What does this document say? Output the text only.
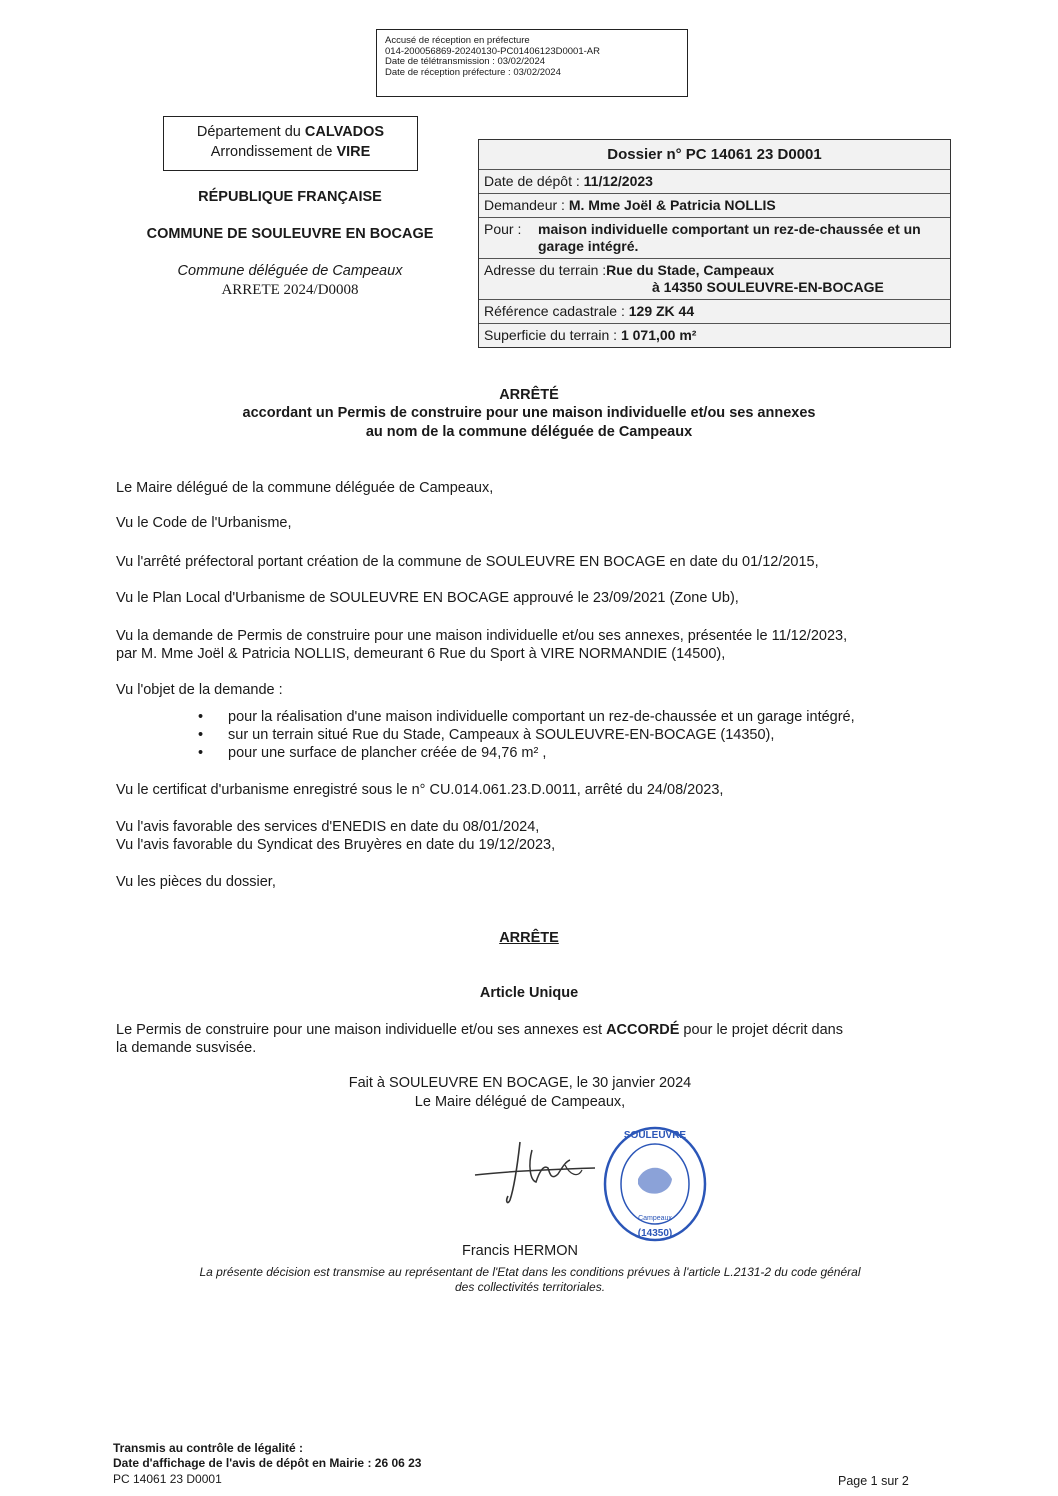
Accusé de réception en préfecture
014-200056869-20240130-PC01406123D0001-AR
Date de télétransmission : 03/02/2024
Date de réception préfecture : 03/02/2024
Département du CALVADOS
Arrondissement de VIRE
RÉPUBLIQUE FRANÇAISE
COMMUNE DE SOULEUVRE EN BOCAGE
Commune déléguée de Campeaux
ARRETE 2024/D0008
Dossier n° PC 14061 23 D0001
Date de dépôt : 11/12/2023
Demandeur : M. Mme Joël & Patricia NOLLIS
Pour :	maison individuelle comportant un rez-de-chaussée et un garage intégré.
Adresse du terrain : Rue du Stade, Campeaux
à 14350 SOULEUVRE-EN-BOCAGE
Référence cadastrale : 129 ZK 44
Superficie du terrain : 1 071,00 m²
ARRÊTÉ
accordant un Permis de construire pour une maison individuelle et/ou ses annexes
au nom de la commune déléguée de Campeaux
Le Maire délégué de la commune déléguée de Campeaux,
Vu le Code de l'Urbanisme,
Vu l'arrêté préfectoral portant création de la commune de SOULEUVRE EN BOCAGE en date du 01/12/2015,
Vu le Plan Local d'Urbanisme de SOULEUVRE EN BOCAGE approuvé le 23/09/2021 (Zone Ub),
Vu la demande de Permis de construire pour une maison individuelle et/ou ses annexes, présentée le 11/12/2023,
par M. Mme Joël & Patricia NOLLIS, demeurant 6 Rue du Sport à VIRE NORMANDIE (14500),
Vu l'objet de la demande :
•	pour la réalisation d'une maison individuelle comportant un rez-de-chaussée et un garage intégré,
•	sur un terrain situé Rue du Stade, Campeaux à SOULEUVRE-EN-BOCAGE (14350),
•	pour une surface de plancher créée de 94,76 m² ,
Vu le certificat d'urbanisme enregistré sous le n° CU.014.061.23.D.0011, arrêté du 24/08/2023,
Vu l'avis favorable des services d'ENEDIS en date du 08/01/2024,
Vu l'avis favorable du Syndicat des Bruyères en date du 19/12/2023,
Vu les pièces du dossier,
ARRÊTE
Article Unique
Le Permis de construire pour une maison individuelle et/ou ses annexes est ACCORDÉ pour le projet décrit dans
la demande susvisée.
Fait à SOULEUVRE EN BOCAGE, le 30 janvier 2024
Le Maire délégué de Campeaux,
SOULEUVRE
(14350)
Campeaux
Francis HERMON
La présente décision est transmise au représentant de l'Etat dans les conditions prévues à l'article L.2131-2 du code général
des collectivités territoriales.
Transmis au contrôle de légalité :
Date d'affichage de l'avis de dépôt en Mairie : 26 06 23
PC 14061 23 D0001	Page 1 sur 2
